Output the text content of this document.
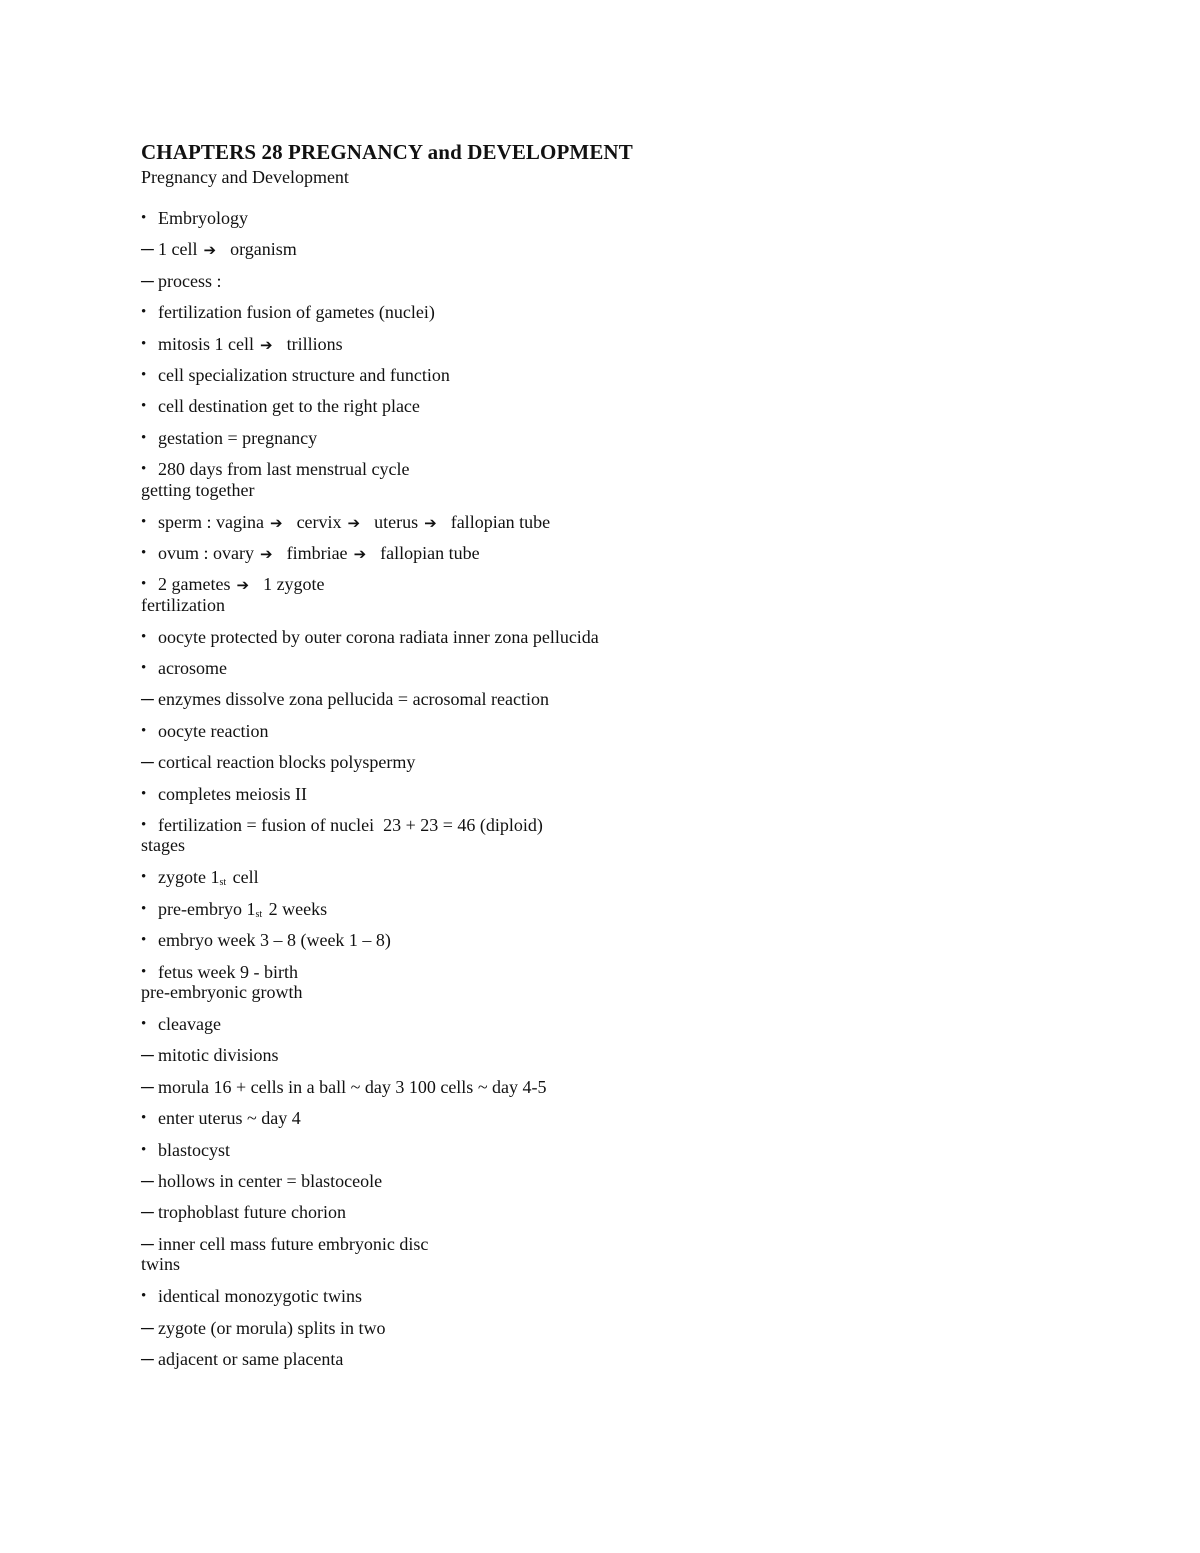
CHAPTERS 28 PREGNANCY and DEVELOPMENT
Pregnancy and Development
• Embryology
─ 1 cell ➔ organism
─ process :
• fertilization fusion of gametes (nuclei)
• mitosis 1 cell ➔ trillions
• cell specialization structure and function
• cell destination get to the right place
• gestation = pregnancy
• 280 days from last menstrual cycle
getting together
• sperm : vagina ➔ cervix ➔ uterus ➔ fallopian tube
• ovum : ovary ➔ fimbriae ➔ fallopian tube
• 2 gametes ➔ 1 zygote
fertilization
• oocyte protected by outer corona radiata inner zona pellucida
• acrosome
─ enzymes dissolve zona pellucida = acrosomal reaction
• oocyte reaction
─ cortical reaction blocks polyspermy
• completes meiosis II
• fertilization = fusion of nuclei  23 + 23 = 46 (diploid)
stages
• zygote 1st cell
• pre-embryo 1st 2 weeks
• embryo week 3 – 8 (week 1 – 8)
• fetus week 9 - birth
pre-embryonic growth
• cleavage
─ mitotic divisions
─ morula 16 + cells in a ball ~ day 3 100 cells ~ day 4-5
• enter uterus ~ day 4
• blastocyst
─ hollows in center = blastoceole
─ trophoblast future chorion
─ inner cell mass future embryonic disc
twins
• identical monozygotic twins
─ zygote (or morula) splits in two
─ adjacent or same placenta
